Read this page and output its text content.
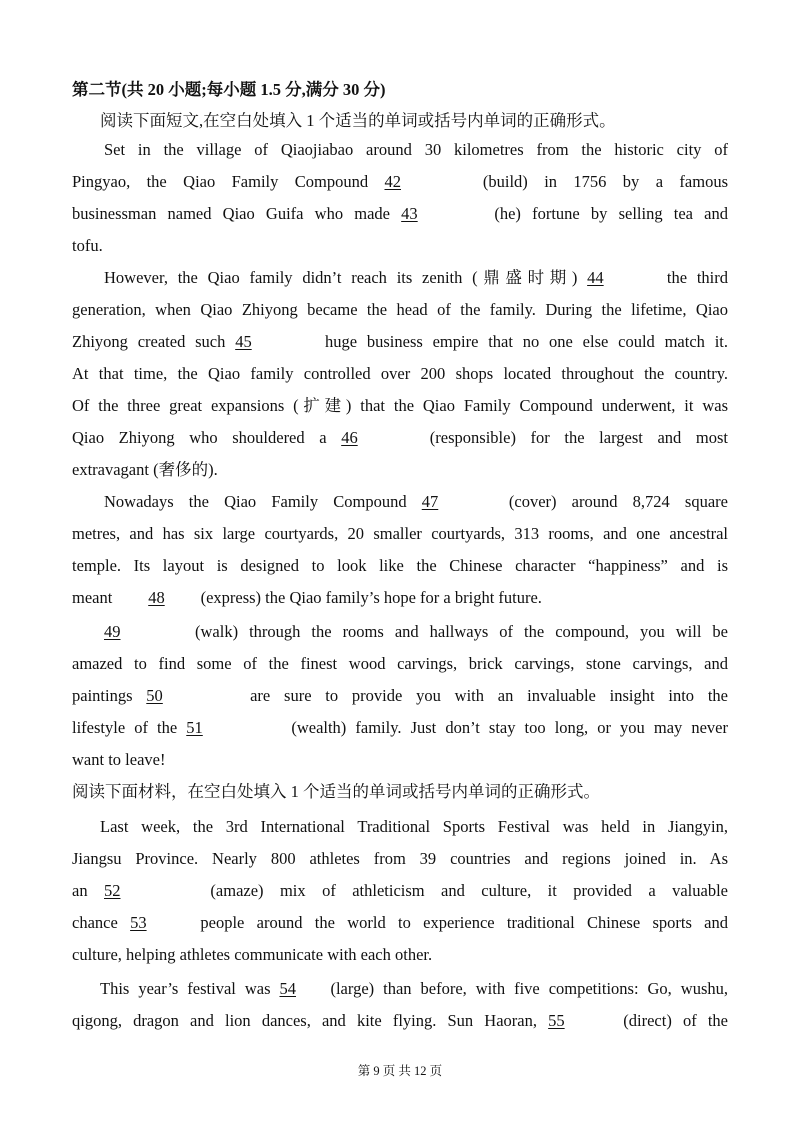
第二节(共 20 小题;每小题 1.5 分,满分 30 分)
阅读下面短文,在空白处填入 1 个适当的单词或括号内单词的正确形式。
Set in the village of Qiaojiabao around 30 kilometres from the historic city of
Pingyao, the Qiao Family Compound 42	(build) in 1756 by a famous
businessman named Qiao Guifa who made 43	(he) fortune by selling tea and
tofu.
However, the Qiao family didn’t reach its zenith (鼎盛时期) 44	the third
generation, when Qiao Zhiyong became the head of the family. During the lifetime, Qiao
Zhiyong created such 45	huge business empire that no one else could match it.
At that time, the Qiao family controlled over 200 shops located throughout the country.
Of the three great expansions (扩建) that the Qiao Family Compound underwent, it was
Qiao Zhiyong who shouldered a 46	(responsible) for the largest and most
extravagant (奢侈的).
Nowadays the Qiao Family Compound 47	(cover) around 8,724 square
metres, and has six large courtyards, 20 smaller courtyards, 313 rooms, and one ancestral
temple. Its layout is designed to look like the Chinese character “happiness” and is
meant 48 (express) the Qiao family’s hope for a bright future.
49	(walk) through the rooms and hallways of the compound, you will be
amazed to find some of the finest wood carvings, brick carvings, stone carvings, and
paintings 50	are sure to provide you with an invaluable insight into the
lifestyle of the 51	(wealth) family. Just don’t stay too long, or you may never
want to leave!
阅读下面材料，在空白处填入 1 个适当的单词或括号内单词的正确形式。
Last week, the 3rd International Traditional Sports Festival was held in Jiangyin,
Jiangsu Province. Nearly 800 athletes from 39 countries and regions joined in. As
an 52	(amaze) mix of athleticism and culture, it provided a valuable
chance 53	people around the world to experience traditional Chinese sports and
culture, helping athletes communicate with each other.
This year’s festival was 54 (large) than before, with five competitions: Go, wushu,
qigong, dragon and lion dances, and kite flying. Sun Haoran, 55	(direct) of the
第 9 页 共 12 页
